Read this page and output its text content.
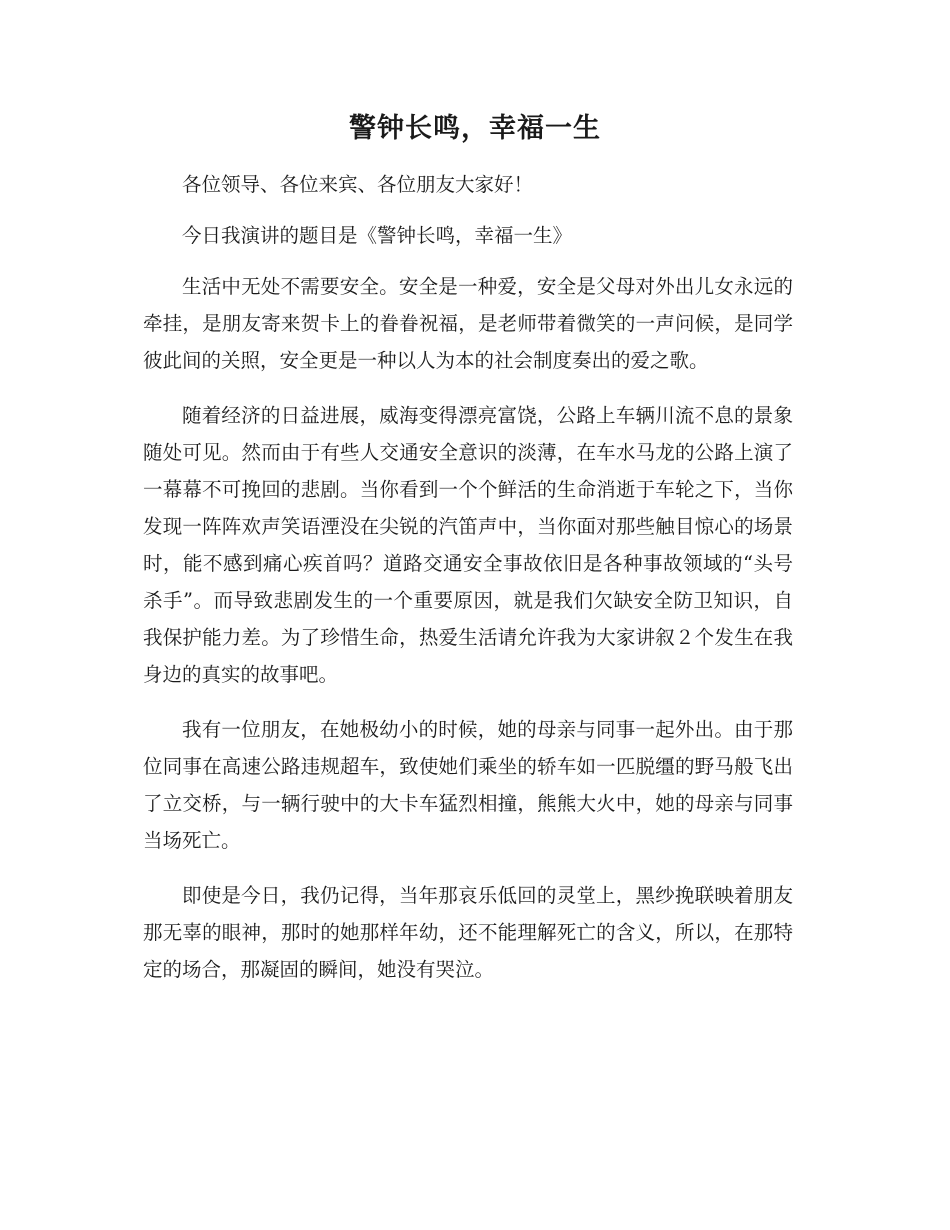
警钟长鸣，幸福一生

各位领导、各位来宾、各位朋友大家好！

今日我演讲的题目是《警钟长鸣，幸福一生》

生活中无处不需要安全。安全是一种爱，安全是父母对外出儿女永远的牵挂，是朋友寄来贺卡上的眷眷祝福，是老师带着微笑的一声问候，是同学彼此间的关照，安全更是一种以人为本的社会制度奏出的爱之歌。

随着经济的日益进展，威海变得漂亮富饶，公路上车辆川流不息的景象随处可见。然而由于有些人交通安全意识的淡薄，在车水马龙的公路上演了一幕幕不可挽回的悲剧。当你看到一个个鲜活的生命消逝于车轮之下，当你发现一阵阵欢声笑语湮没在尖锐的汽笛声中，当你面对那些触目惊心的场景时，能不感到痛心疾首吗？道路交通安全事故依旧是各种事故领域的“头号杀手”。而导致悲剧发生的一个重要原因，就是我们欠缺安全防卫知识，自我保护能力差。为了珍惜生命，热爱生活请允许我为大家讲叙２个发生在我身边的真实的故事吧。

我有一位朋友，在她极幼小的时候，她的母亲与同事一起外出。由于那位同事在高速公路违规超车，致使她们乘坐的轿车如一匹脱缰的野马般飞出了立交桥，与一辆行驶中的大卡车猛烈相撞，熊熊大火中，她的母亲与同事当场死亡。

即使是今日，我仍记得，当年那哀乐低回的灵堂上，黑纱挽联映着朋友那无辜的眼神，那时的她那样年幼，还不能理解死亡的含义，所以，在那特定的场合，那凝固的瞬间，她没有哭泣。
